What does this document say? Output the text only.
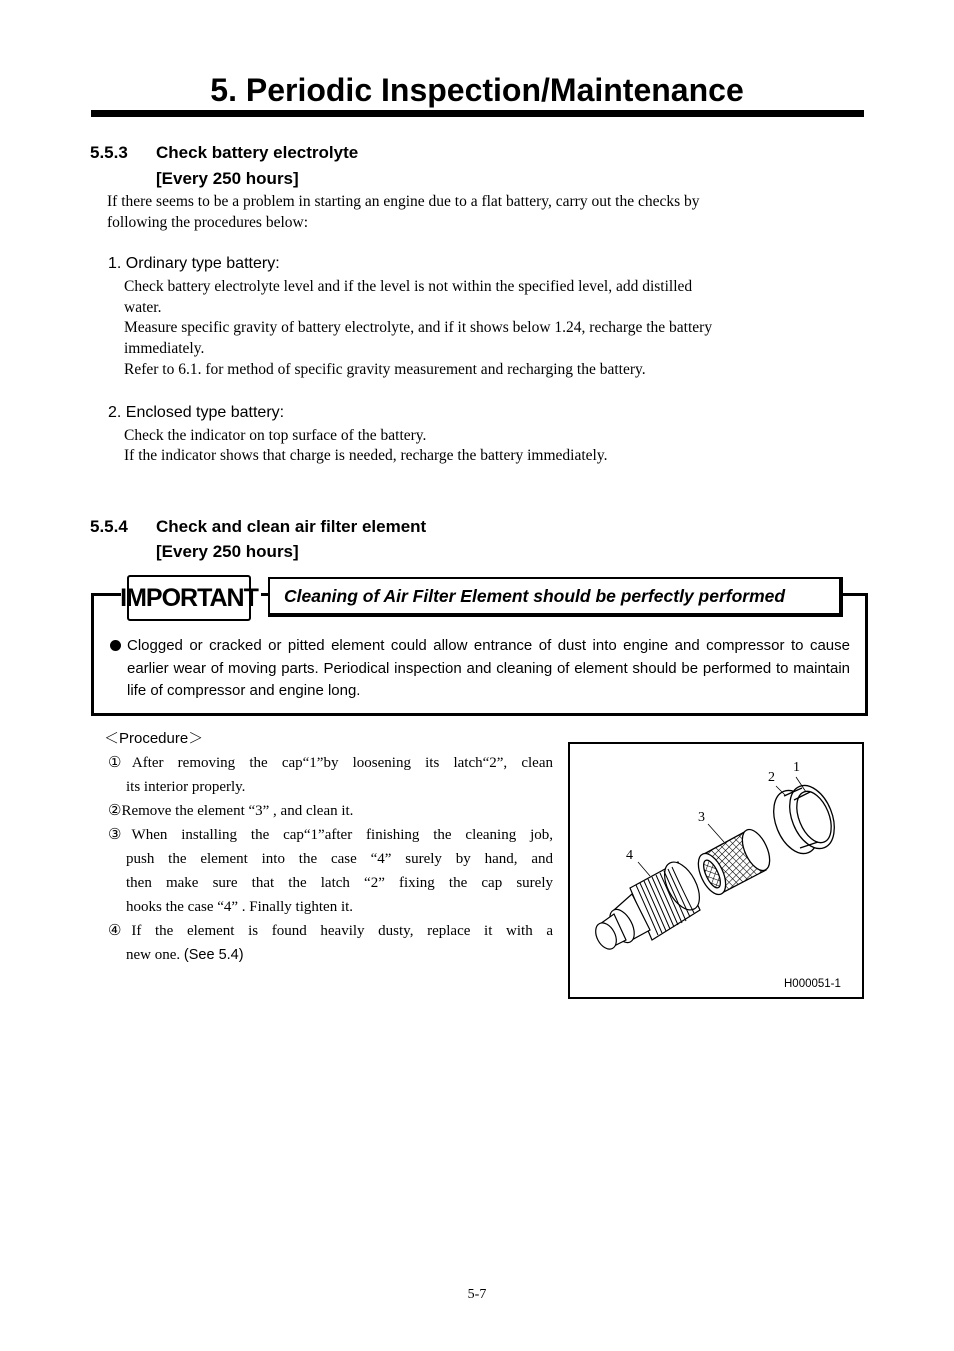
5. Periodic Inspection/Maintenance
5.5.3 Check battery electrolyte
[Every 250 hours]
If there seems to be a problem in starting an engine due to a flat battery, carry out the checks by
following the procedures below:
1. Ordinary type battery:
Check battery electrolyte level and if the level is not within the specified level, add distilled
water.
Measure specific gravity of battery electrolyte, and if it shows below 1.24, recharge the battery
immediately.
Refer to 6.1. for method of specific gravity measurement and recharging the battery.
2. Enclosed type battery:
Check the indicator on top surface of the battery.
If the indicator shows that charge is needed, recharge the battery immediately.
5.5.4 Check and clean air filter element
[Every 250 hours]
IMPORTANT	Cleaning of Air Filter Element should be perfectly performed
Clogged or cracked or pitted element could allow entrance of dust into engine and compressor to cause earlier wear of moving parts. Periodical inspection and cleaning of element should be performed to maintain life of compressor and engine long.
＜Procedure＞
①After removing the cap“1”by loosening its latch“2”, clean
its interior properly.
②Remove the element “3” , and clean it.
③When installing the cap“1”after finishing the cleaning job,
push the element into the case “4” surely by hand, and
then make sure that the latch “2” fixing the cap surely
hooks the case “4” . Finally tighten it.
④If the element is found heavily dusty, replace it with a
new one. (See 5.4)
1
2
3
4
H000051-1
5-7
